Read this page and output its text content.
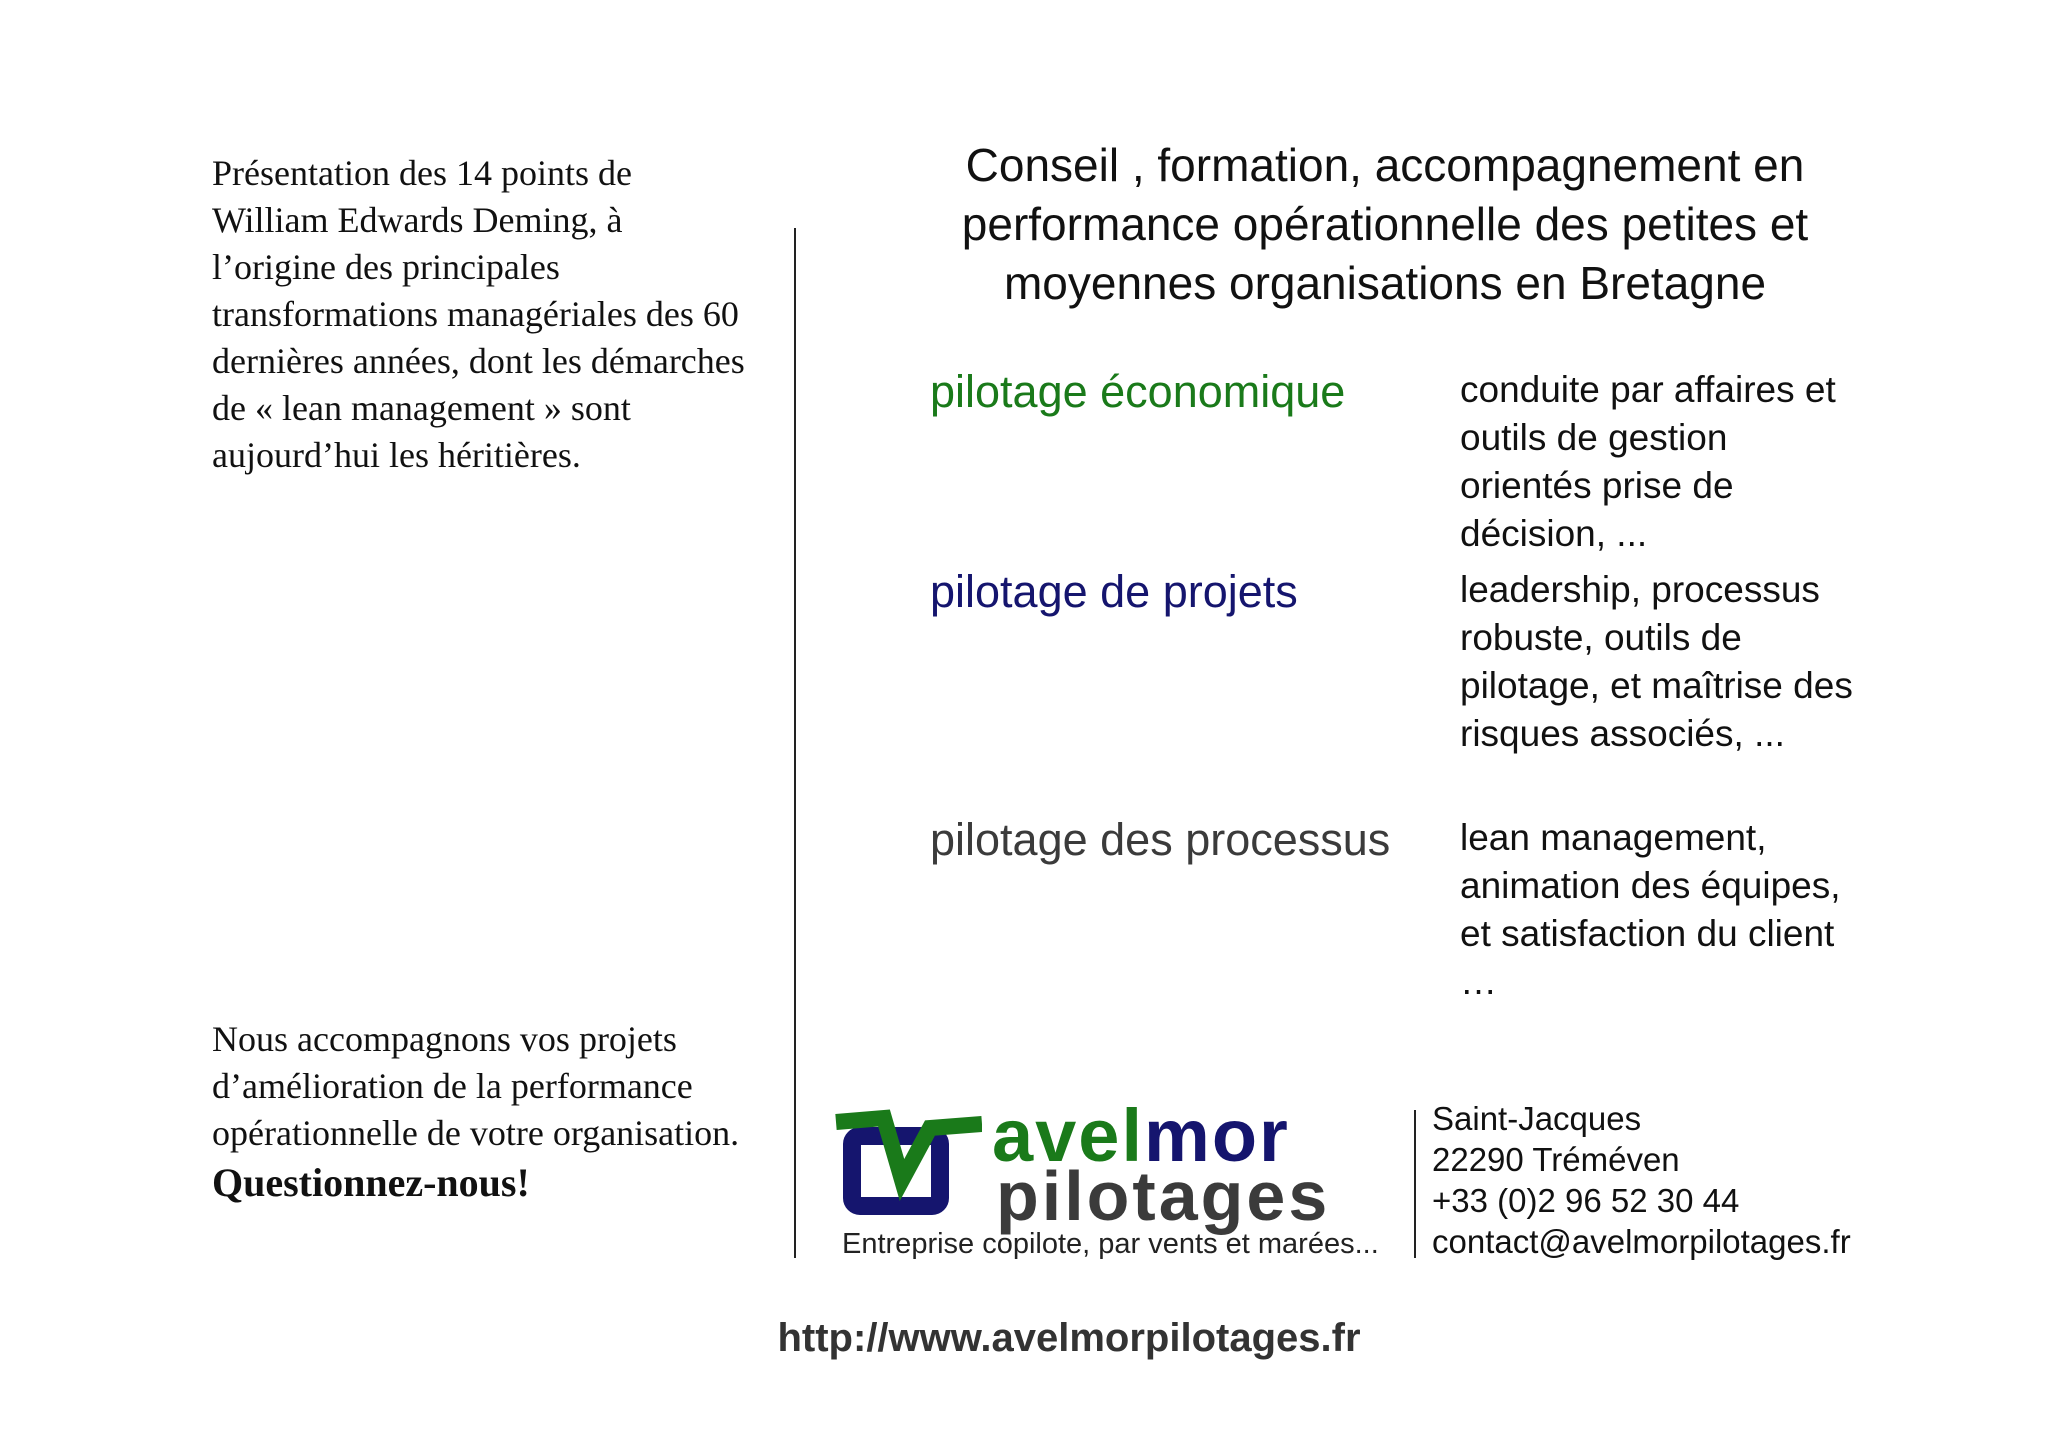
Présentation des 14 points de William Edwards Deming, à l’origine des principales transformations managériales des 60 dernières années, dont les démarches de « lean management » sont aujourd’hui les héritières.
Nous accompagnons vos projets d’amélioration de la performance opérationnelle de votre organisation.
Questionnez-nous!
Conseil , formation, accompagnement en
performance opérationnelle des petites et
moyennes organisations en Bretagne
pilotage économique	conduite par affaires et outils de gestion orientés prise de décision, ...
pilotage de projets	leadership, processus robuste, outils de pilotage, et maîtrise des risques associés, ...
pilotage des processus lean management, animation des équipes, et satisfaction du client …
avelmor
pilotages
Entreprise copilote, par vents et marées...
Saint-Jacques
22290 Tréméven
+33 (0)2 96 52 30 44
contact@avelmorpilotages.fr
http://www.avelmorpilotages.fr
